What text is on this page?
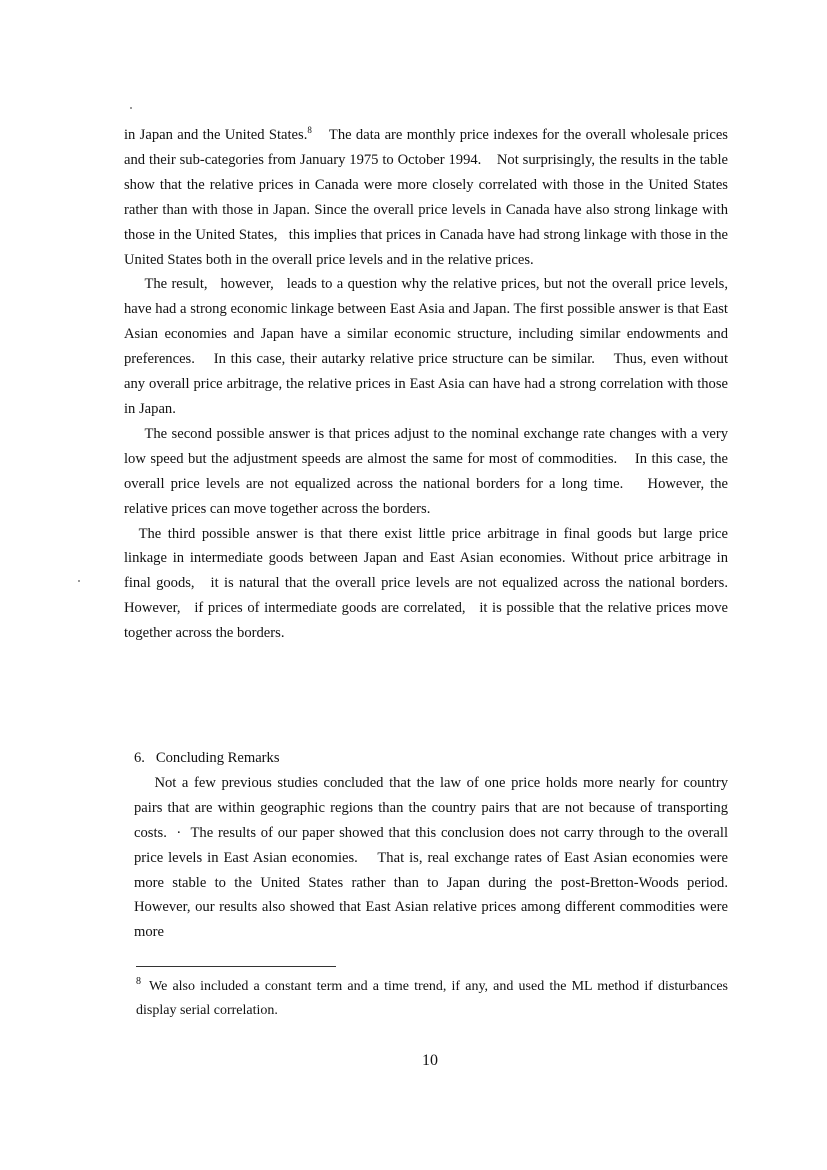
in Japan and the United States.$^8$    The data are monthly price indexes for the overall wholesale prices and their sub-categories from January 1975 to October 1994.    Not surprisingly, the results in the table show that the relative prices in Canada were more closely correlated with those in the United States rather than with those in Japan. Since the overall price levels in Canada have also strong linkage with those in the United States,   this implies that prices in Canada have had strong linkage with those in the United States both in the overall price levels and in the relative prices.

The result,   however,   leads to a question why the relative prices, but not the overall price levels, have had a strong economic linkage between East Asia and Japan. The first possible answer is that East Asian economies and Japan have a similar economic structure, including similar endowments and preferences.    In this case, their autarky relative price structure can be similar.    Thus, even without any overall price arbitrage, the relative prices in East Asia can have had a strong correlation with those in Japan.

The second possible answer is that prices adjust to the nominal exchange rate changes with a very low speed but the adjustment speeds are almost the same for most of commodities.    In this case, the overall price levels are not equalized across the national borders for a long time.    However, the relative prices can move together across the borders.

The third possible answer is that there exist little price arbitrage in final goods but large price linkage in intermediate goods between Japan and East Asian economies. Without price arbitrage in final goods,   it is natural that the overall price levels are not equalized across the national borders.    However,   if prices of intermediate goods are correlated,   it is possible that the relative prices move together across the borders.

6.   Concluding Remarks

Not a few previous studies concluded that the law of one price holds more nearly for country pairs that are within geographic regions than the country pairs that are not because of transporting costs.  ·  The results of our paper showed that this conclusion does not carry through to the overall price levels in East Asian economies.    That is, real exchange rates of East Asian economies were more stable to the United States rather than to Japan during the post-Bretton-Woods period.    However, our results also showed that East Asian relative prices among different commodities were more

$^8$ We also included a constant term and a time trend, if any, and used the ML method if disturbances display serial correlation.
10
